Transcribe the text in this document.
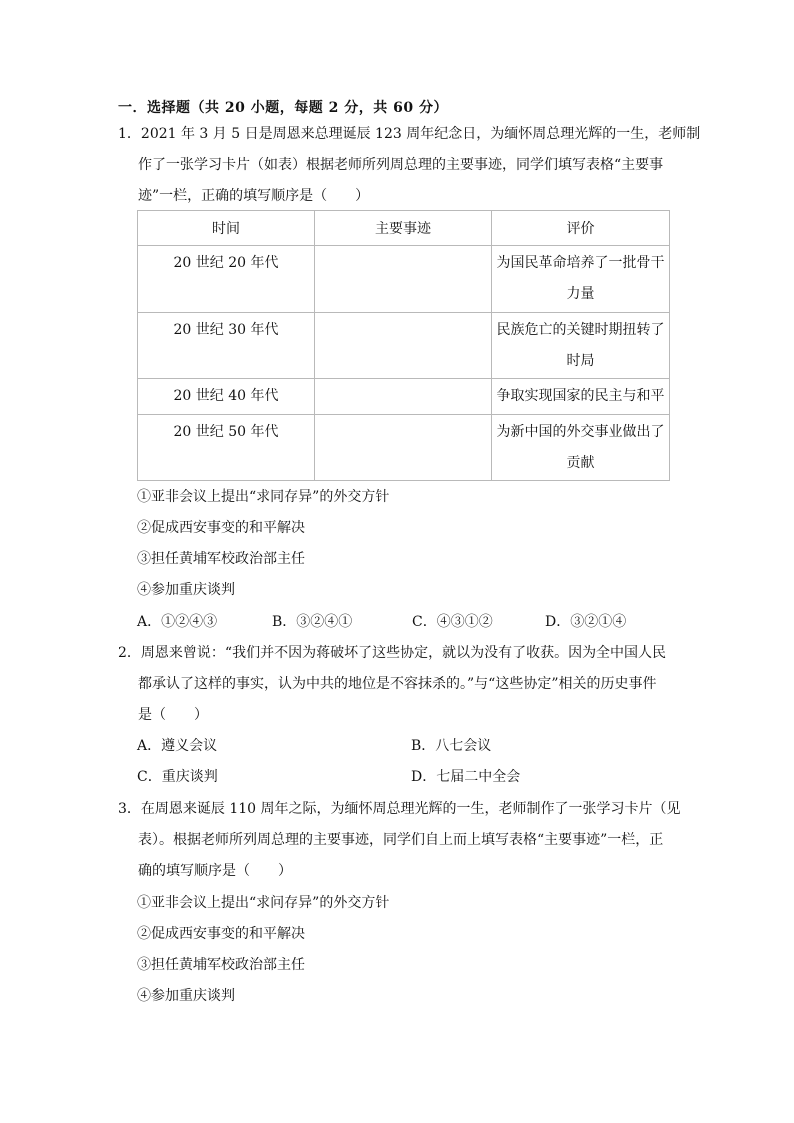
一．选择题（共 20 小题，每题 2 分，共 60 分）
1．2021 年 3 月 5 日是周恩来总理诞辰 123 周年纪念日，为缅怀周总理光辉的一生，老师制
作了一张学习卡片（如表）根据老师所列周总理的主要事迹，同学们填写表格“主要事
迹”一栏，正确的填写顺序是（　　）
时间	主要事迹	评价

20 世纪 20 年代		为国民革命培养了一批骨干力量

20 世纪 30 年代		民族危亡的关键时期扭转了时局

20 世纪 40 年代		争取实现国家的民主与和平

20 世纪 50 年代		为新中国的外交事业做出了贡献
①亚非会议上提出“求同存异”的外交方针
②促成西安事变的和平解决
③担任黄埔军校政治部主任
④参加重庆谈判
A．①②④③	B．③②④①	C．④③①②	D．③②①④
2．周恩来曾说：“我们并不因为蒋破坏了这些协定，就以为没有了收获。因为全中国人民
都承认了这样的事实，认为中共的地位是不容抹杀的。”与“这些协定”相关的历史事件
是（　　）
A．遵义会议	B．八七会议
C．重庆谈判	D．七届二中全会
3．在周恩来诞辰 110 周年之际，为缅怀周总理光辉的一生，老师制作了一张学习卡片（见
表）。根据老师所列周总理的主要事迹，同学们自上而上填写表格“主要事迹”一栏，正
确的填写顺序是（　　）
①亚非会议上提出“求问存异”的外交方针
②促成西安事变的和平解决
③担任黄埔军校政治部主任
④参加重庆谈判
